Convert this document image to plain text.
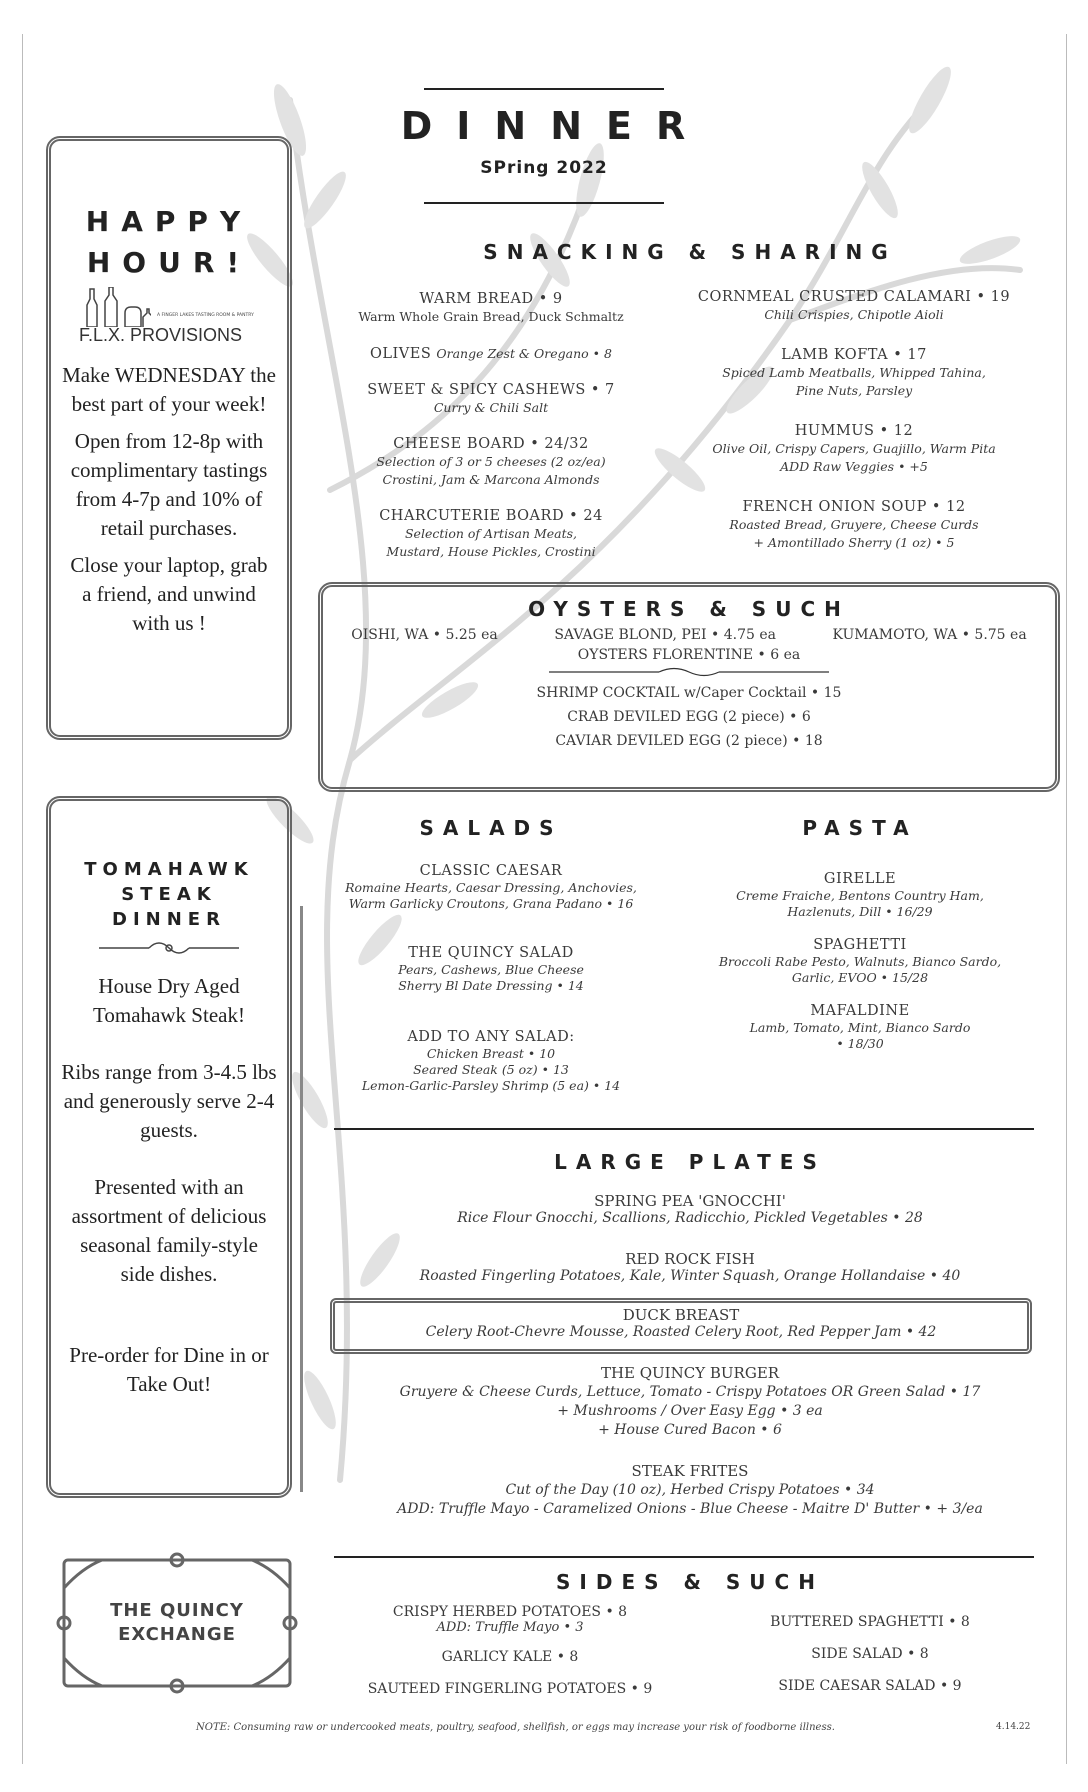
DINNER
SPring 2022
HAPPY
HOUR!
A FINGER LAKES TASTING ROOM & PANTRY
F.L.X. PROVISIONS
Make WEDNESDAY the best part of your week!
Open from 12-8p with complimentary tastings from 4-7p and 10% of retail purchases.
Close your laptop, grab a friend, and unwind with us !
TOMAHAWK
STEAK
DINNER
House Dry Aged Tomahawk Steak!
Ribs range from 3-4.5 lbs and generously serve 2-4 guests.
Presented with an assortment of delicious seasonal family-style side dishes.
Pre-order for Dine in or Take Out!
THE QUINCY
EXCHANGE
SNACKING & SHARING
WARM BREAD • 9
Warm Whole Grain Bread, Duck Schmaltz
OLIVES Orange Zest & Oregano • 8
SWEET & SPICY CASHEWS • 7
Curry & Chili Salt
CHEESE BOARD • 24/32
Selection of 3 or 5 cheeses (2 oz/ea)
Crostini, Jam & Marcona Almonds
CHARCUTERIE BOARD • 24
Selection of Artisan Meats,
Mustard, House Pickles, Crostini
CORNMEAL CRUSTED CALAMARI • 19
Chili Crispies, Chipotle Aioli
LAMB KOFTA • 17
Spiced Lamb Meatballs, Whipped Tahina,
Pine Nuts, Parsley
HUMMUS • 12
Olive Oil, Crispy Capers, Guajillo, Warm Pita
ADD Raw Veggies • +5
FRENCH ONION SOUP • 12
Roasted Bread, Gruyere, Cheese Curds
+ Amontillado Sherry (1 oz) • 5
OYSTERS & SUCH
OISHI, WA • 5.25 ea	SAVAGE BLOND, PEI • 4.75 ea	KUMAMOTO, WA • 5.75 ea
OYSTERS FLORENTINE • 6 ea
SHRIMP COCKTAIL w/Caper Cocktail • 15
CRAB DEVILED EGG (2 piece) • 6
CAVIAR DEVILED EGG (2 piece) • 18
SALADS
CLASSIC CAESAR
Romaine Hearts, Caesar Dressing, Anchovies,
Warm Garlicky Croutons, Grana Padano • 16
THE QUINCY SALAD
Pears, Cashews, Blue Cheese
Sherry Bl Date Dressing • 14
ADD TO ANY SALAD:
Chicken Breast • 10
Seared Steak (5 oz) • 13
Lemon-Garlic-Parsley Shrimp (5 ea) • 14
PASTA
GIRELLE
Creme Fraiche, Bentons Country Ham,
Hazlenuts, Dill • 16/29
SPAGHETTI
Broccoli Rabe Pesto, Walnuts, Bianco Sardo,
Garlic, EVOO • 15/28
MAFALDINE
Lamb, Tomato, Mint, Bianco Sardo
• 18/30
LARGE PLATES
SPRING PEA 'GNOCCHI'
Rice Flour Gnocchi, Scallions, Radicchio, Pickled Vegetables • 28
RED ROCK FISH
Roasted Fingerling Potatoes, Kale, Winter Squash, Orange Hollandaise • 40
DUCK BREAST
Celery Root-Chevre Mousse, Roasted Celery Root, Red Pepper Jam • 42
THE QUINCY BURGER
Gruyere & Cheese Curds, Lettuce, Tomato - Crispy Potatoes OR Green Salad • 17
+ Mushrooms / Over Easy Egg • 3 ea
+ House Cured Bacon • 6
STEAK FRITES
Cut of the Day (10 oz), Herbed Crispy Potatoes • 34
ADD: Truffle Mayo - Caramelized Onions - Blue Cheese - Maitre D' Butter • + 3/ea
SIDES & SUCH
CRISPY HERBED POTATOES • 8
ADD: Truffle Mayo • 3
GARLICY KALE • 8
SAUTEED FINGERLING POTATOES • 9
BUTTERED SPAGHETTI • 8
SIDE SALAD • 8
SIDE CAESAR SALAD • 9
NOTE: Consuming raw or undercooked meats, poultry, seafood, shellfish, or eggs may increase your risk of foodborne illness.	4.14.22
